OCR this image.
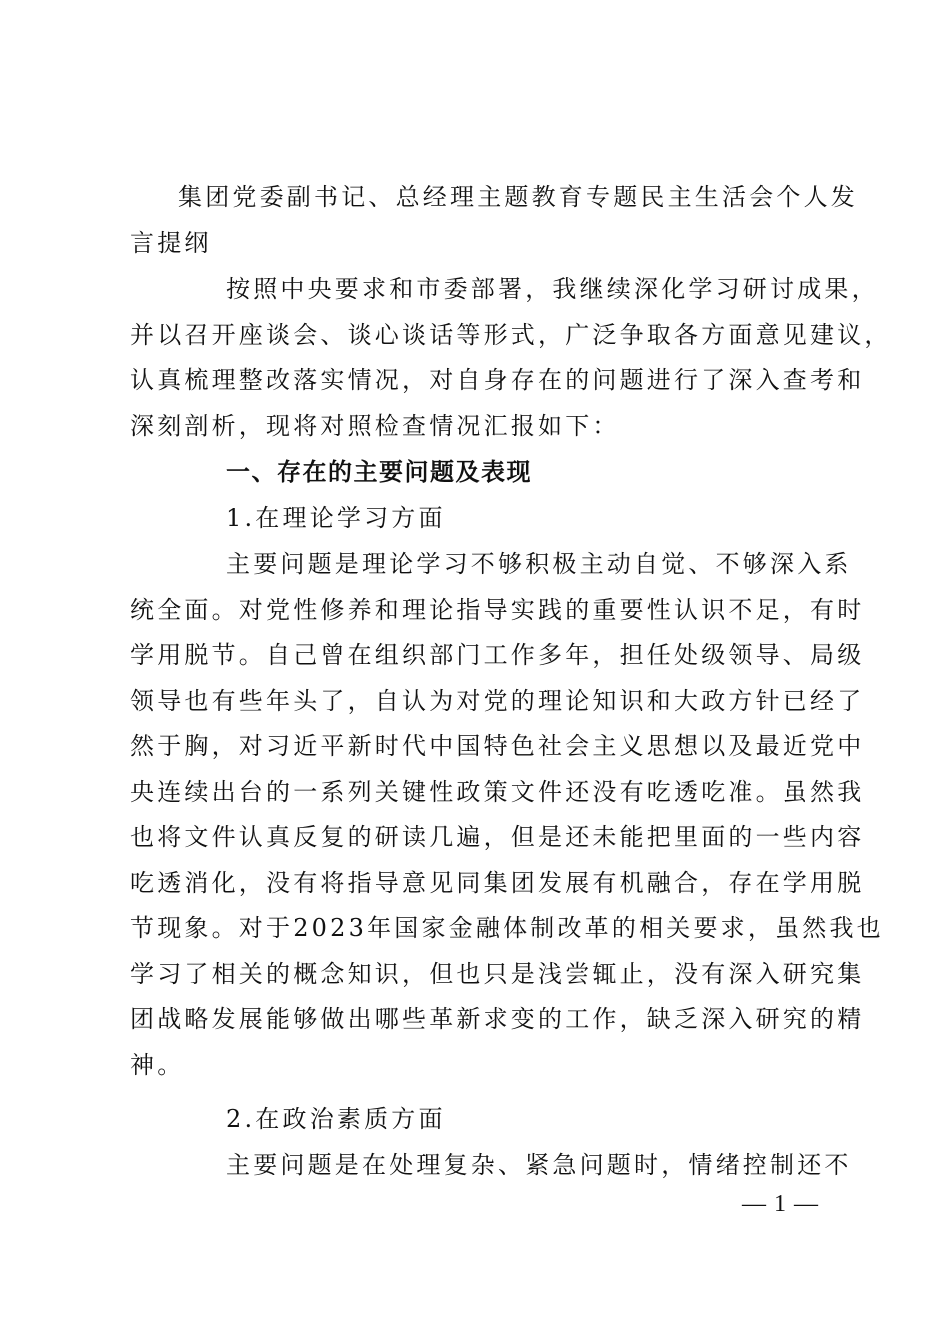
集团党委副书记、总经理主题教育专题民主生活会个人发
言提纲
按照中央要求和市委部署，我继续深化学习研讨成果，
并以召开座谈会、谈心谈话等形式，广泛争取各方面意见建议，
认真梳理整改落实情况，对自身存在的问题进行了深入查考和
深刻剖析，现将对照检查情况汇报如下：
一、存在的主要问题及表现
1.在理论学习方面
主要问题是理论学习不够积极主动自觉、不够深入系
统全面。对党性修养和理论指导实践的重要性认识不足，有时
学用脱节。自己曾在组织部门工作多年，担任处级领导、局级
领导也有些年头了，自认为对党的理论知识和大政方针已经了
然于胸，对习近平新时代中国特色社会主义思想以及最近党中
央连续出台的一系列关键性政策文件还没有吃透吃准。虽然我
也将文件认真反复的研读几遍，但是还未能把里面的一些内容
吃透消化，没有将指导意见同集团发展有机融合，存在学用脱
节现象。对于2023年国家金融体制改革的相关要求，虽然我也
学习了相关的概念知识，但也只是浅尝辄止，没有深入研究集
团战略发展能够做出哪些革新求变的工作，缺乏深入研究的精
神。
2.在政治素质方面
主要问题是在处理复杂、紧急问题时，情绪控制还不
— 1 —
